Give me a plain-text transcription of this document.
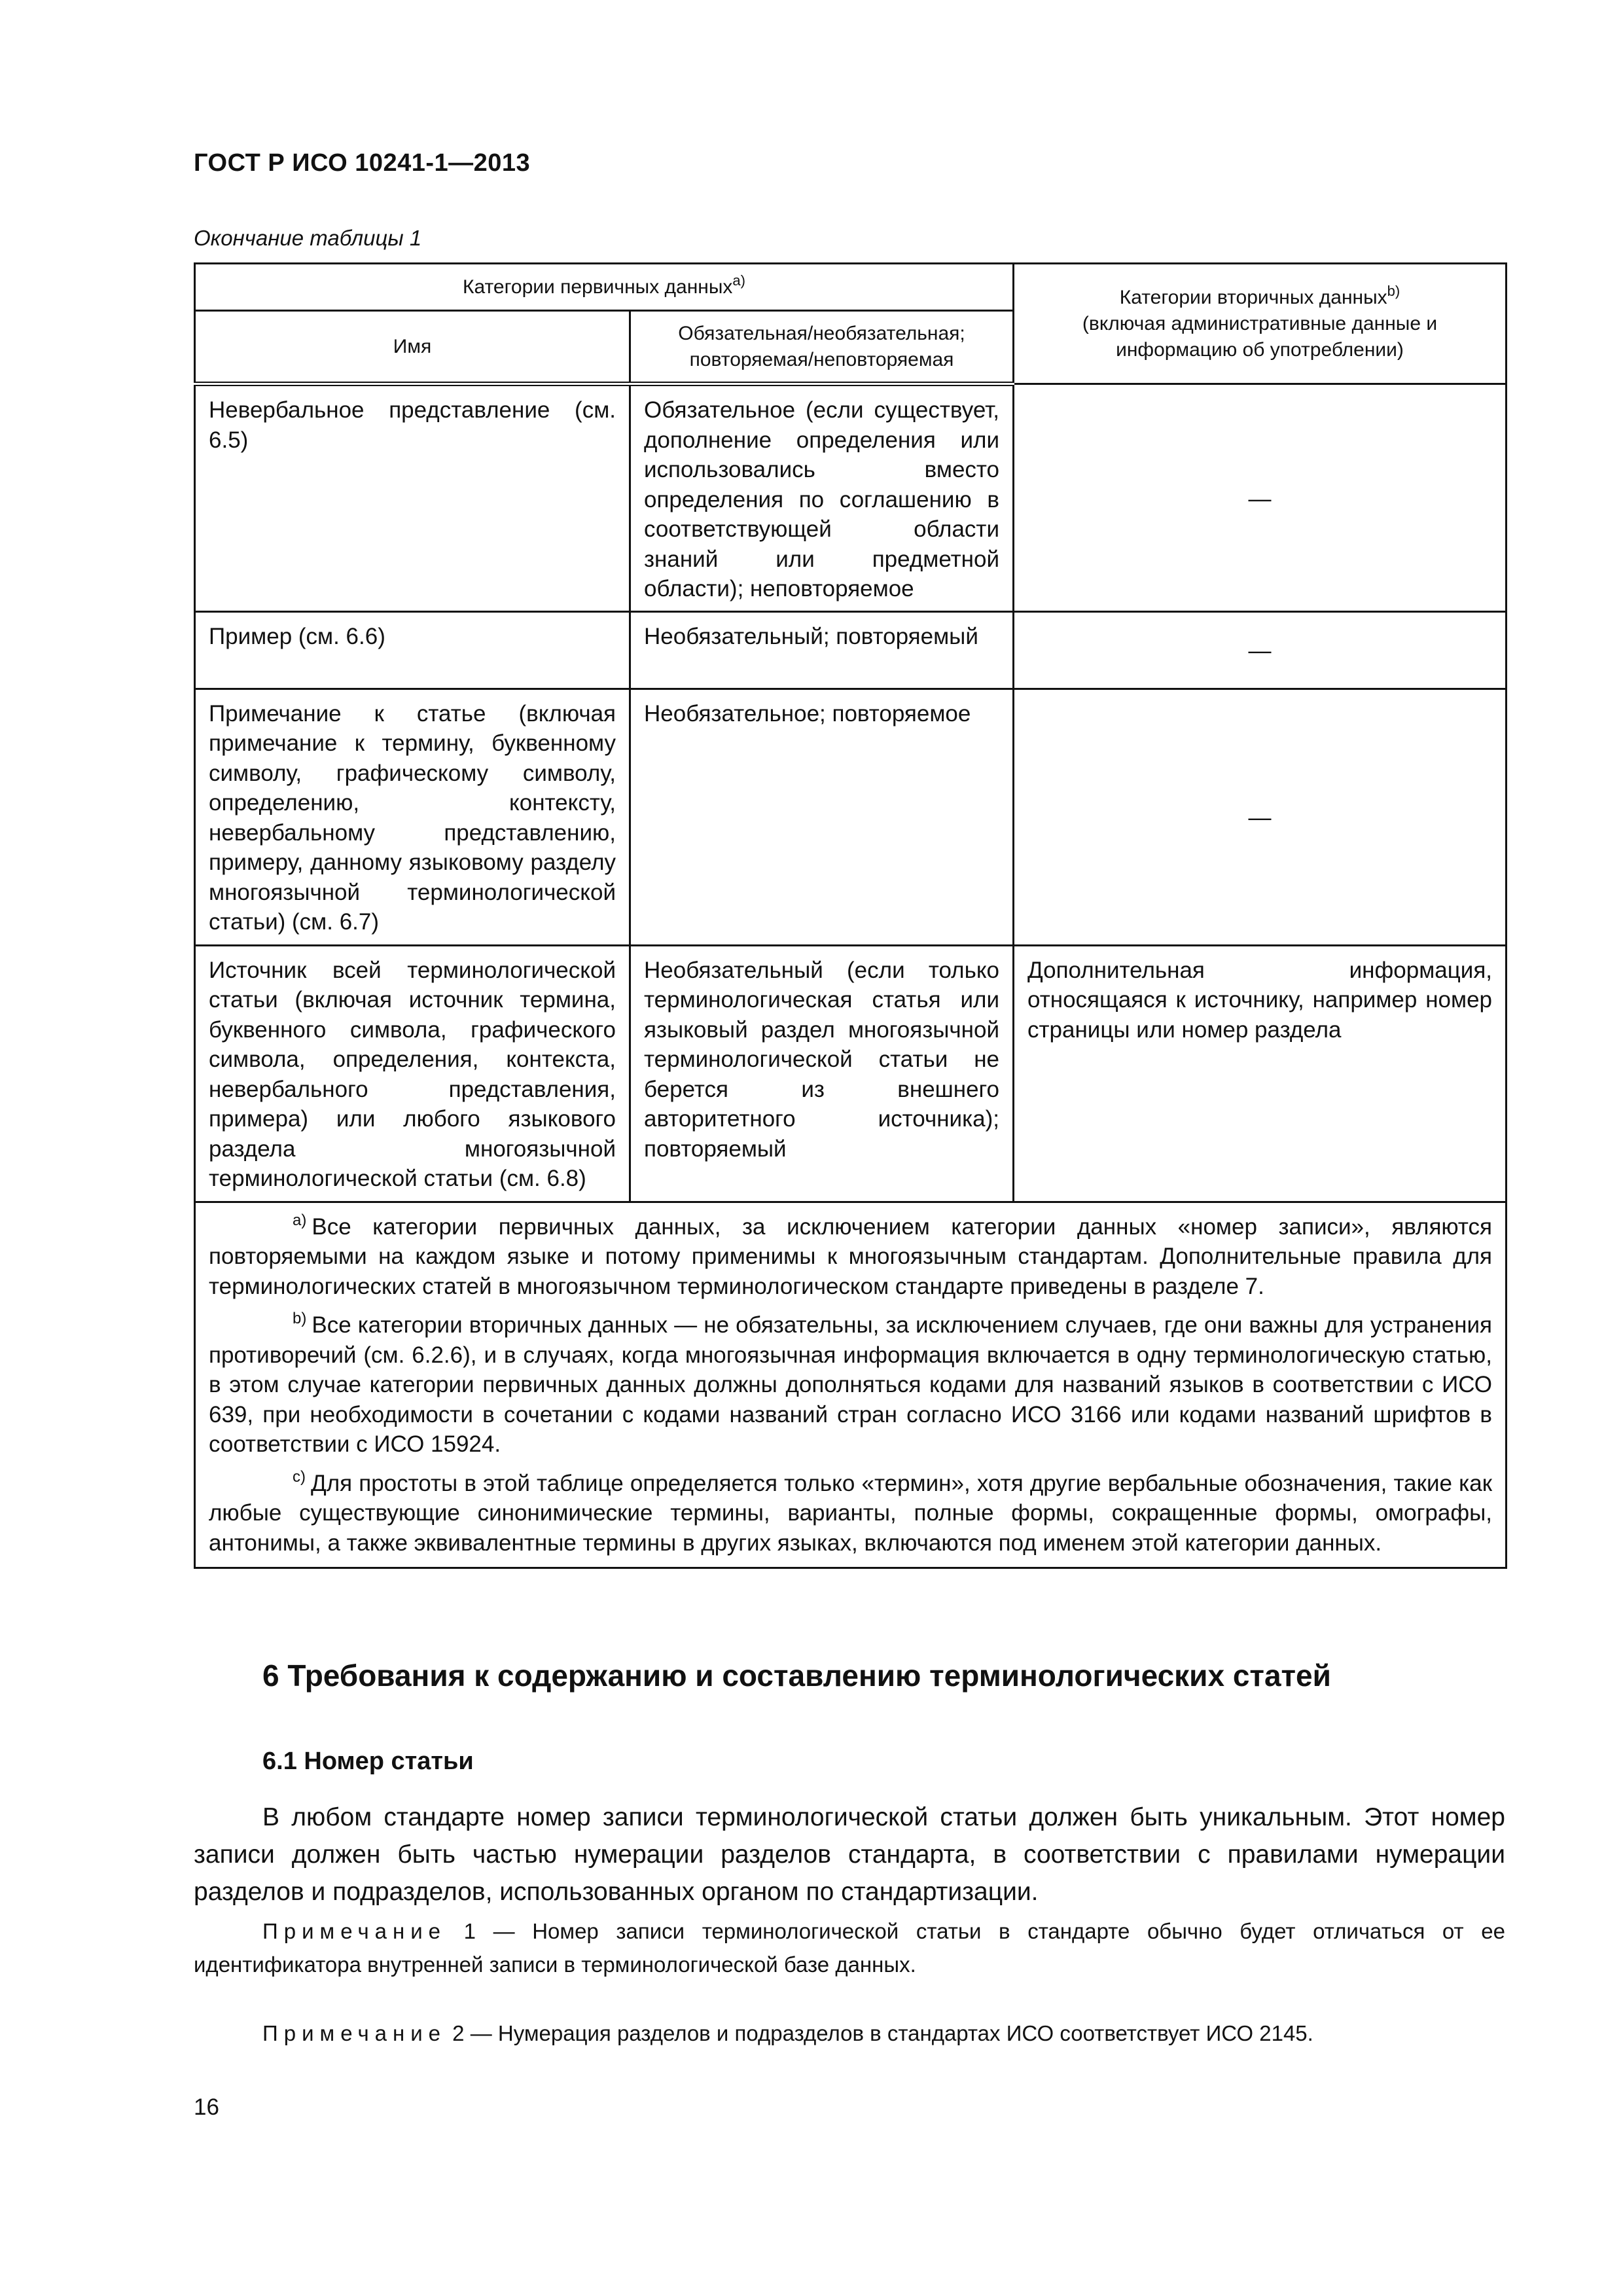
ГОСТ Р ИСО 10241-1—2013
Окончание таблицы 1
Категории первичных данных$^{а)}$		Категории вторичных данных$^{b)}$
(включая административные данные и информацию об употреблении)
Имя	Обязательная/необязательная; повторяемая/неповторяемая	
Невербальное представление (см. 6.5)	Обязательное (если существует, дополнение определения или использовались вместо определения по соглашению в соответствующей области знаний или предметной области); неповторяемое	—
Пример (см. 6.6)	Необязательный; повторяемый	—
Примечание к статье (включая примечание к термину, буквенному символу, графическому символу, определению, контексту, невербальному представлению, примеру, данному языковому разделу многоязычной терминологической статьи) (см. 6.7)	Необязательное; повторяемое	—
Источник всей терминологической статьи (включая источник термина, буквенного символа, графического символа, определения, контекста, невербального представления, примера) или любого языкового раздела многоязычной терминологической статьи (см. 6.8)	Необязательный (если только терминологическая статья или языковый раздел многоязычной терминологической статьи не берется из внешнего авторитетного источника); повторяемый	Дополнительная информация, относящаяся к источнику, например номер страницы или номер раздела

$^{а)}$ Все категории первичных данных, за исключением категории данных «номер записи», являются повторяемыми на каждом языке и потому применимы к многоязычным стандартам. Дополнительные правила для терминологических статей в многоязычном терминологическом стандарте приведены в разделе 7.

$^{b)}$ Все категории вторичных данных — не обязательны, за исключением случаев, где они важны для устранения противоречий (см. 6.2.6), и в случаях, когда многоязычная информация включается в одну терминологическую статью, в этом случае категории первичных данных должны дополняться кодами для названий языков в соответствии с ИСО 639, при необходимости в сочетании с кодами названий стран согласно ИСО 3166 или кодами названий шрифтов в соответствии с ИСО 15924.

$^{c)}$ Для простоты в этой таблице определяется только «термин», хотя другие вербальные обозначения, такие как любые существующие синонимические термины, варианты, полные формы, сокращенные формы, омографы, антонимы, а также эквивалентные термины в других языках, включаются под именем этой категории данных.		

6 Требования к содержанию и составлению терминологических статей
6.1 Номер статьи

В любом стандарте номер записи терминологической статьи должен быть уникальным. Этот номер записи должен быть частью нумерации разделов стандарта, в соответствии с правилами нумерации разделов и подразделов, использованных органом по стандартизации.

Примечание 1 — Номер записи терминологической статьи в стандарте обычно будет отличаться от ее идентификатора внутренней записи в терминологической базе данных.

Примечание 2 — Нумерация разделов и подразделов в стандартах ИСО соответствует ИСО 2145.

16
